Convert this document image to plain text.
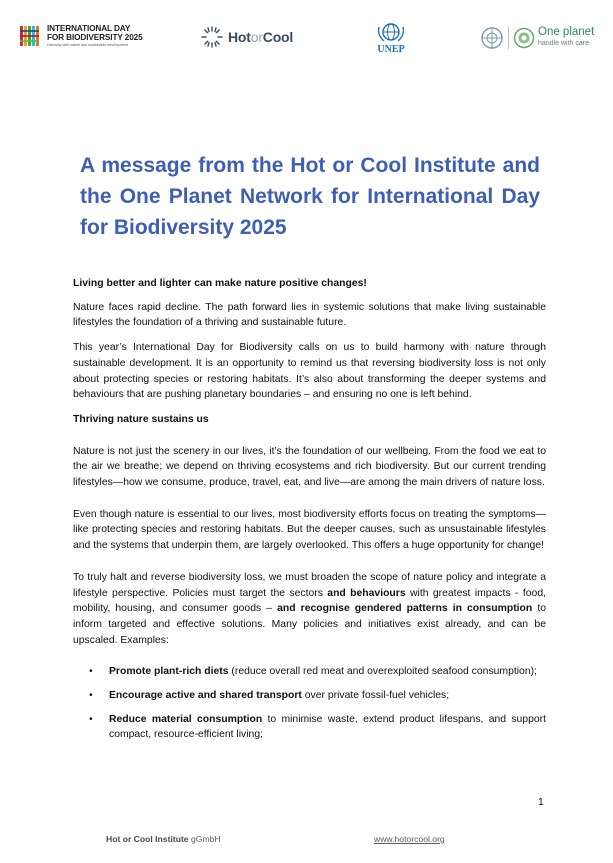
INTERNATIONAL DAY
FOR BIODIVERSITY 2025
Harmony with nature and sustainable development	HotorCool
UNEP
One planet
handle with care
A message from the Hot or Cool Institute and the One Planet Network for International Day for Biodiversity 2025

Living better and lighter can make nature positive changes!

Nature faces rapid decline. The path forward lies in systemic solutions that make living sustainable lifestyles the foundation of a thriving and sustainable future.

This year’s International Day for Biodiversity calls on us to build harmony with nature through sustainable development. It is an opportunity to remind us that reversing biodiversity loss is not only about protecting species or restoring habitats. It’s also about transforming the deeper systems and behaviours that are pushing planetary boundaries – and ensuring no one is left behind.

Thriving nature sustains us

Nature is not just the scenery in our lives, it’s the foundation of our wellbeing. From the food we eat to the air we breathe; we depend on thriving ecosystems and rich biodiversity. But our current trending lifestyles—how we consume, produce, travel, eat, and live—are among the main drivers of nature loss.

Even though nature is essential to our lives, most biodiversity efforts focus on treating the symptoms—like protecting species and restoring habitats. But the deeper causes, such as unsustainable lifestyles and the systems that underpin them, are largely overlooked. This offers a huge opportunity for change!

To truly halt and reverse biodiversity loss, we must broaden the scope of nature policy and integrate a lifestyle perspective. Policies must target the sectors and behaviours with greatest impacts - food, mobility, housing, and consumer goods – and recognise gendered patterns in consumption to inform targeted and effective solutions. Many policies and initiatives exist already, and can be upscaled. Examples:

• Promote plant-rich diets (reduce overall red meat and overexploited seafood consumption);
• Encourage active and shared transport over private fossil-fuel vehicles;
• Reduce material consumption to minimise waste, extend product lifespans, and support compact, resource-efficient living;
1
Hot or Cool Institute gGmbH	www.hotorcool.org
